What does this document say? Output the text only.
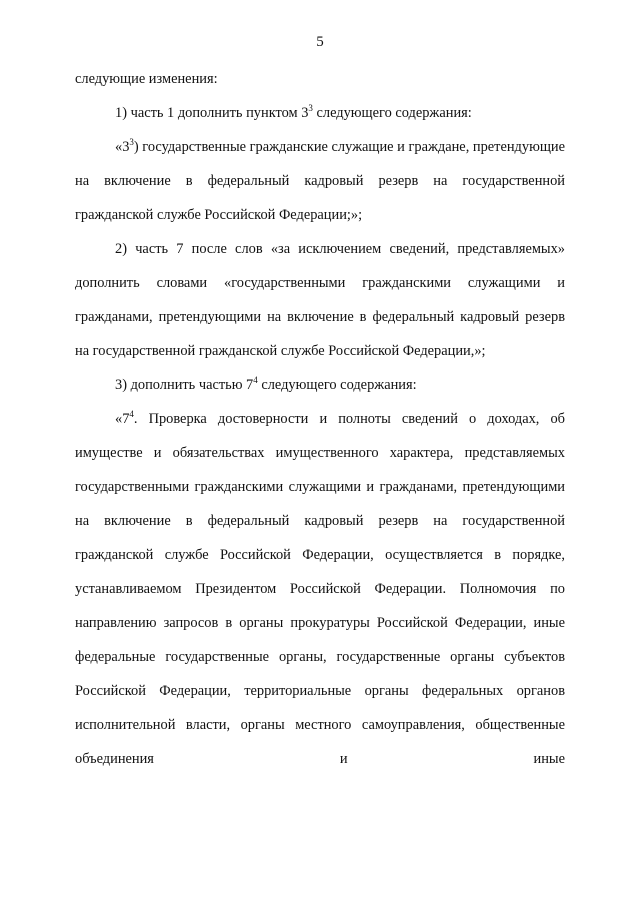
5

следующие изменения:

1) часть 1 дополнить пунктом $3^3$ следующего содержания:

«$3^3$) государственные гражданские служащие и граждане, претендующие на включение в федеральный кадровый резерв на государственной гражданской службе Российской Федерации;»;

2) часть 7 после слов «за исключением сведений, представляемых» дополнить словами «государственными гражданскими служащими и гражданами, претендующими на включение в федеральный кадровый резерв на государственной гражданской службе Российской Федерации,»;

3) дополнить частью $7^4$ следующего содержания:

«$7^4$. Проверка достоверности и полноты сведений о доходах, об имуществе и обязательствах имущественного характера, представляемых государственными гражданскими служащими и гражданами, претендующими на включение в федеральный кадровый резерв на государственной гражданской службе Российской Федерации, осуществляется в порядке, устанавливаемом Президентом Российской Федерации. Полномочия по направлению запросов в органы прокуратуры Российской Федерации, иные федеральные государственные органы, государственные органы субъектов Российской Федерации, территориальные органы федеральных органов исполнительной власти, органы местного самоуправления, общественные объединения и иные
